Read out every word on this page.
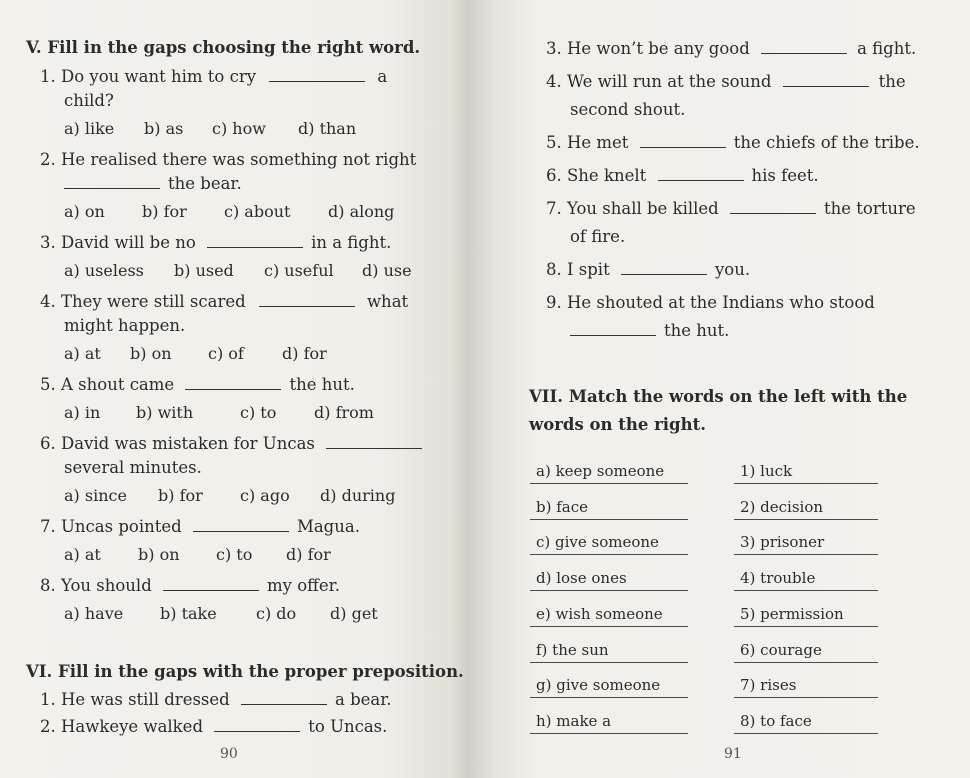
V. Fill in the gaps choosing the right word.
1. Do you want him to cry	a
child?
a) like b) as c) how d) than
2. He realised there was something not right
the bear.
a) on b) for c) about d) along
3. David will be no	in a fight.
a) useless b) used c) useful d) use
4. They were still scared	what
might happen.
a) at b) on c) of d) for
5. A shout came	the hut.
a) in b) with	c) to d) from
6. David was mistaken for Uncas
several minutes.
a) since b) for c) ago d) during
7. Uncas pointed	Magua.
a) at b) on c) to d) for
8. You should	my offer.
a) have b) take c) do d) get
VI. Fill in the gaps with the proper preposition.
1. He was still dressed	a bear.
2. Hawkeye walked	to Uncas.
90
3. He won’t be any good	a fight.
4. We will run at the sound	the
second shout.
5. He met	the chiefs of the tribe.
6. She knelt	his feet.
7. You shall be killed	the torture
of fire.
8. I spit	you.
9. He shouted at the Indians who stood
the hut.
VII. Match the words on the left with the
words on the right.
a) keep someone	1) luck
b) face	2) decision
c) give someone	3) prisoner
d) lose ones	4) trouble
e) wish someone	5) permission
f) the sun	6) courage
g) give someone	7) rises
h) make a	8) to face
91
